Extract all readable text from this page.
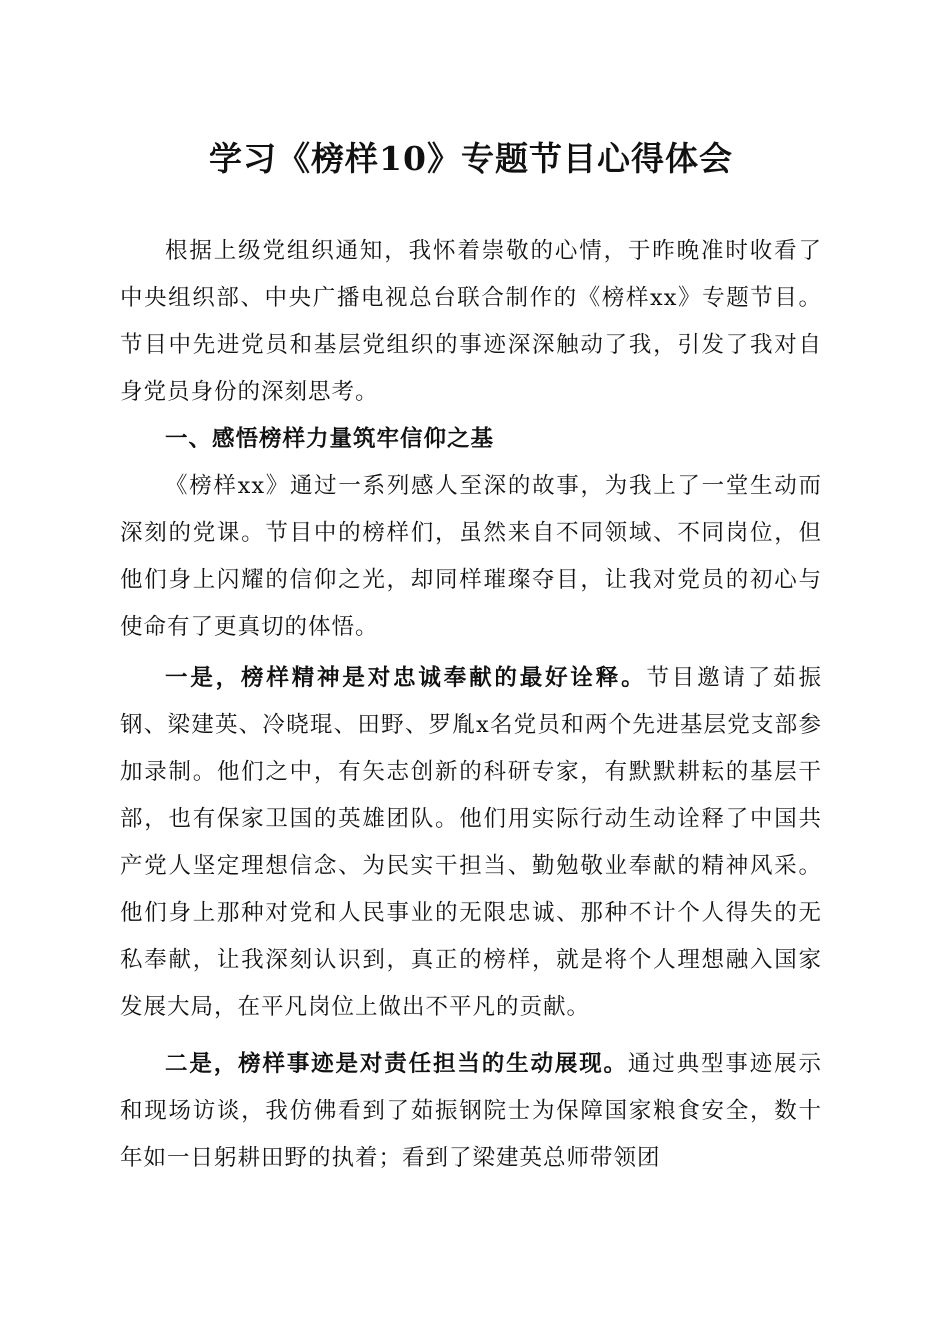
学习《榜样10》专题节目心得体会

根据上级党组织通知，我怀着崇敬的心情，于昨晚准时收看了中央组织部、中央广播电视总台联合制作的《榜样xx》专题节目。节目中先进党员和基层党组织的事迹深深触动了我，引发了我对自身党员身份的深刻思考。

一、感悟榜样力量筑牢信仰之基

《榜样xx》通过一系列感人至深的故事，为我上了一堂生动而深刻的党课。节目中的榜样们，虽然来自不同领域、不同岗位，但他们身上闪耀的信仰之光，却同样璀璨夺目，让我对党员的初心与使命有了更真切的体悟。

一是，榜样精神是对忠诚奉献的最好诠释。节目邀请了茹振钢、梁建英、冷晓琨、田野、罗胤x名党员和两个先进基层党支部参加录制。他们之中，有矢志创新的科研专家，有默默耕耘的基层干部，也有保家卫国的英雄团队。他们用实际行动生动诠释了中国共产党人坚定理想信念、为民实干担当、勤勉敬业奉献的精神风采。他们身上那种对党和人民事业的无限忠诚、那种不计个人得失的无私奉献，让我深刻认识到，真正的榜样，就是将个人理想融入国家发展大局，在平凡岗位上做出不平凡的贡献。

二是，榜样事迹是对责任担当的生动展现。通过典型事迹展示和现场访谈，我仿佛看到了茹振钢院士为保障国家粮食安全，数十年如一日躬耕田野的执着；看到了梁建英总师带领团
